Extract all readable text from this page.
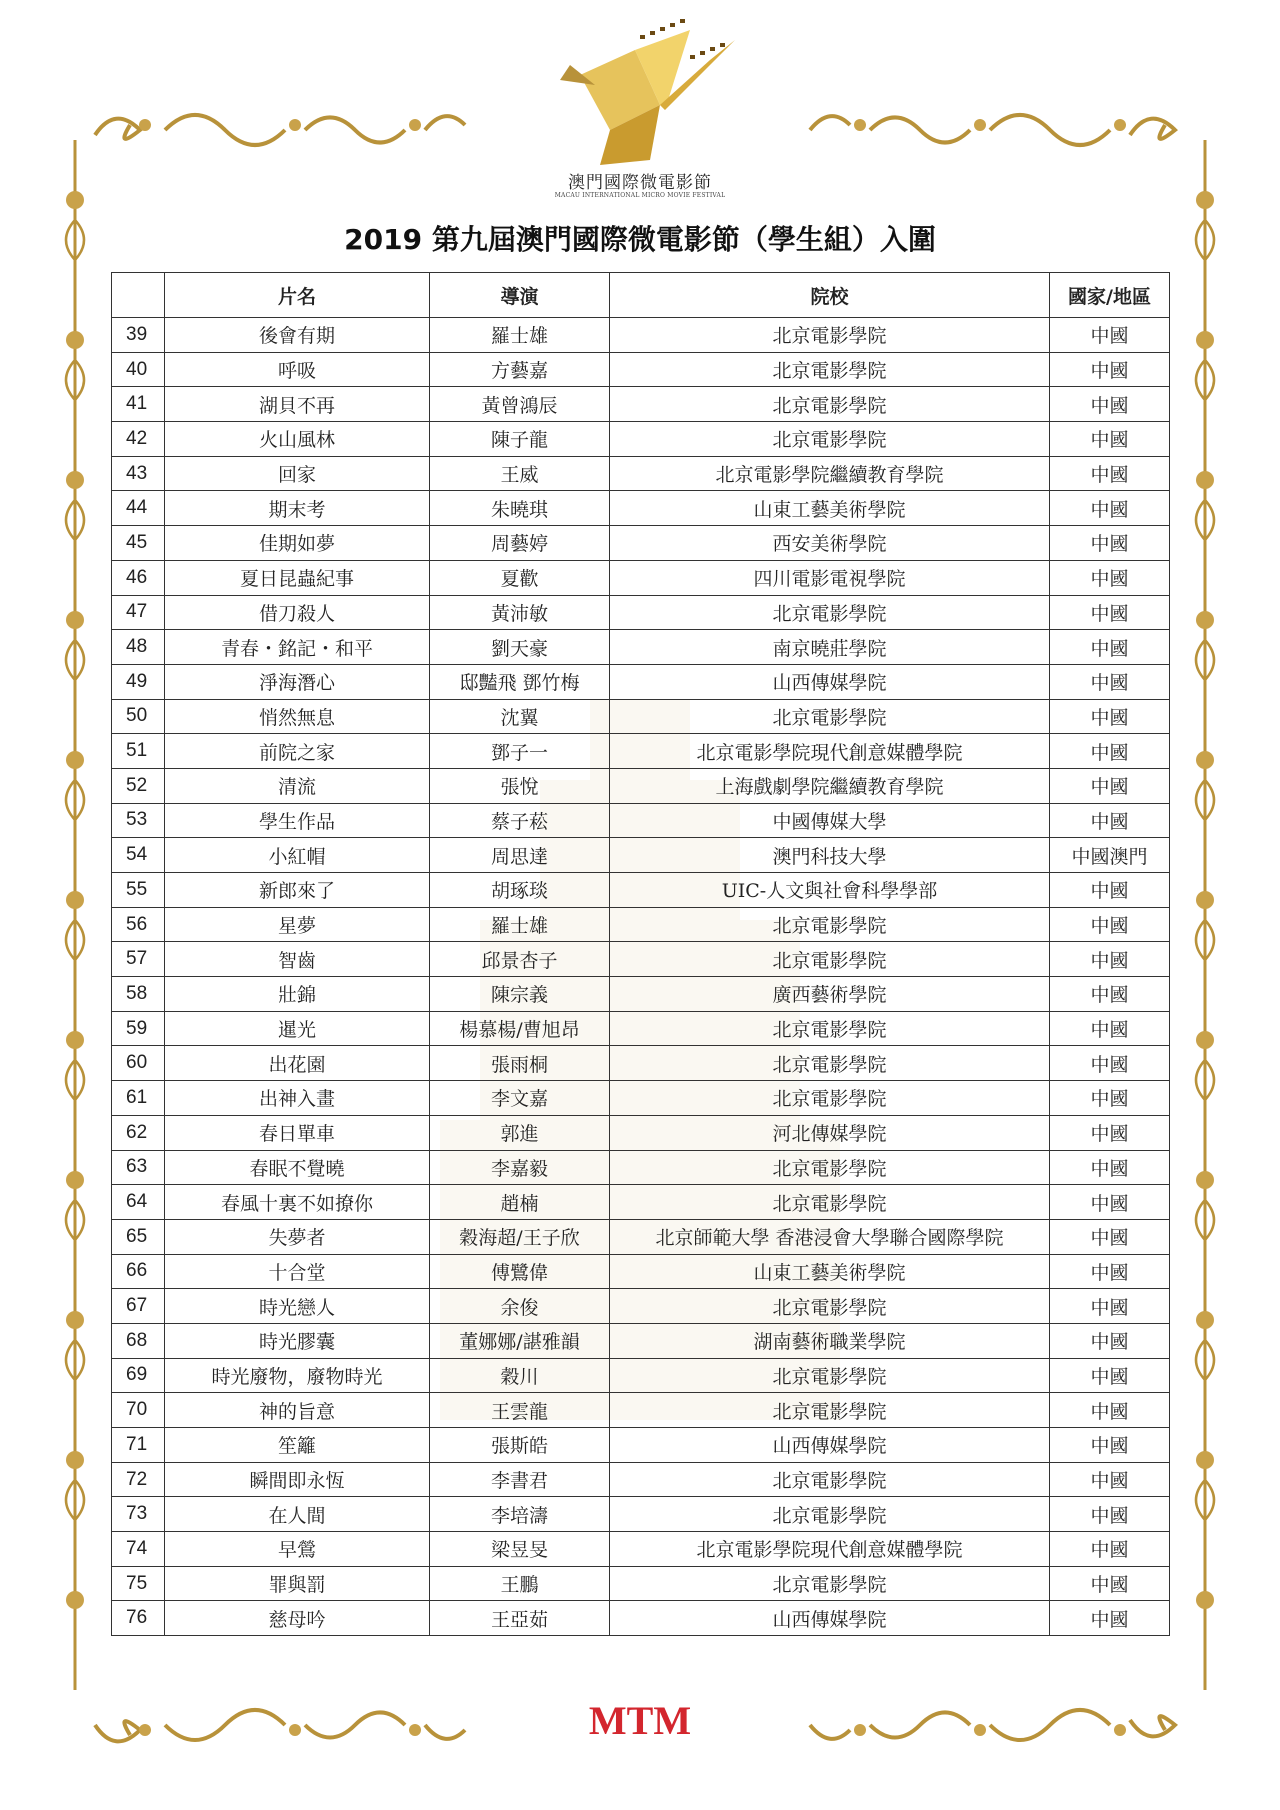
澳門國際微電影節
MACAU INTERNATIONAL MICRO MOVIE FESTIVAL
2019 第九屆澳門國際微電影節（學生組）入圍
	片名	導演	院校	國家/地區
39	後會有期	羅士雄	北京電影學院	中國
40	呼吸	方藝嘉	北京電影學院	中國
41	湖貝不再	黃曾鴻辰	北京電影學院	中國
42	火山風林	陳子龍	北京電影學院	中國
43	回家	王威	北京電影學院繼續教育學院	中國
44	期末考	朱曉琪	山東工藝美術學院	中國
45	佳期如夢	周藝婷	西安美術學院	中國
46	夏日昆蟲紀事	夏歡	四川電影電視學院	中國
47	借刀殺人	黃沛敏	北京電影學院	中國
48	青春・銘記・和平	劉天豪	南京曉莊學院	中國
49	淨海潛心	邸豔飛 鄧竹梅	山西傳媒學院	中國
50	悄然無息	沈翼	北京電影學院	中國
51	前院之家	鄧子一	北京電影學院現代創意媒體學院	中國
52	清流	張悅	上海戲劇學院繼續教育學院	中國
53	學生作品	蔡子菘	中國傳媒大學	中國
54	小紅帽	周思達	澳門科技大學	中國澳門
55	新郎來了	胡琢琰	UIC-人文與社會科學學部	中國
56	星夢	羅士雄	北京電影學院	中國
57	智齒	邱景杏子	北京電影學院	中國
58	壯錦	陳宗義	廣西藝術學院	中國
59	暹光	楊慕楊/曹旭昂	北京電影學院	中國
60	出花園	張雨桐	北京電影學院	中國
61	出神入畫	李文嘉	北京電影學院	中國
62	春日單車	郭進	河北傳媒學院	中國
63	春眠不覺曉	李嘉毅	北京電影學院	中國
64	春風十裏不如撩你	趙楠	北京電影學院	中國
65	失夢者	穀海超/王子欣	北京師範大學 香港浸會大學聯合國際學院	中國
66	十合堂	傅鷺偉	山東工藝美術學院	中國
67	時光戀人	余俊	北京電影學院	中國
68	時光膠囊	董娜娜/諶雅韻	湖南藝術職業學院	中國
69	時光廢物，廢物時光	穀川	北京電影學院	中國
70	神的旨意	王雲龍	北京電影學院	中國
71	笙籬	張斯皓	山西傳媒學院	中國
72	瞬間即永恆	李書君	北京電影學院	中國
73	在人間	李培濤	北京電影學院	中國
74	早鶯	梁昱旻	北京電影學院現代創意媒體學院	中國
75	罪與罰	王鵬	北京電影學院	中國
76	慈母吟	王亞茹	山西傳媒學院	中國
MTM
